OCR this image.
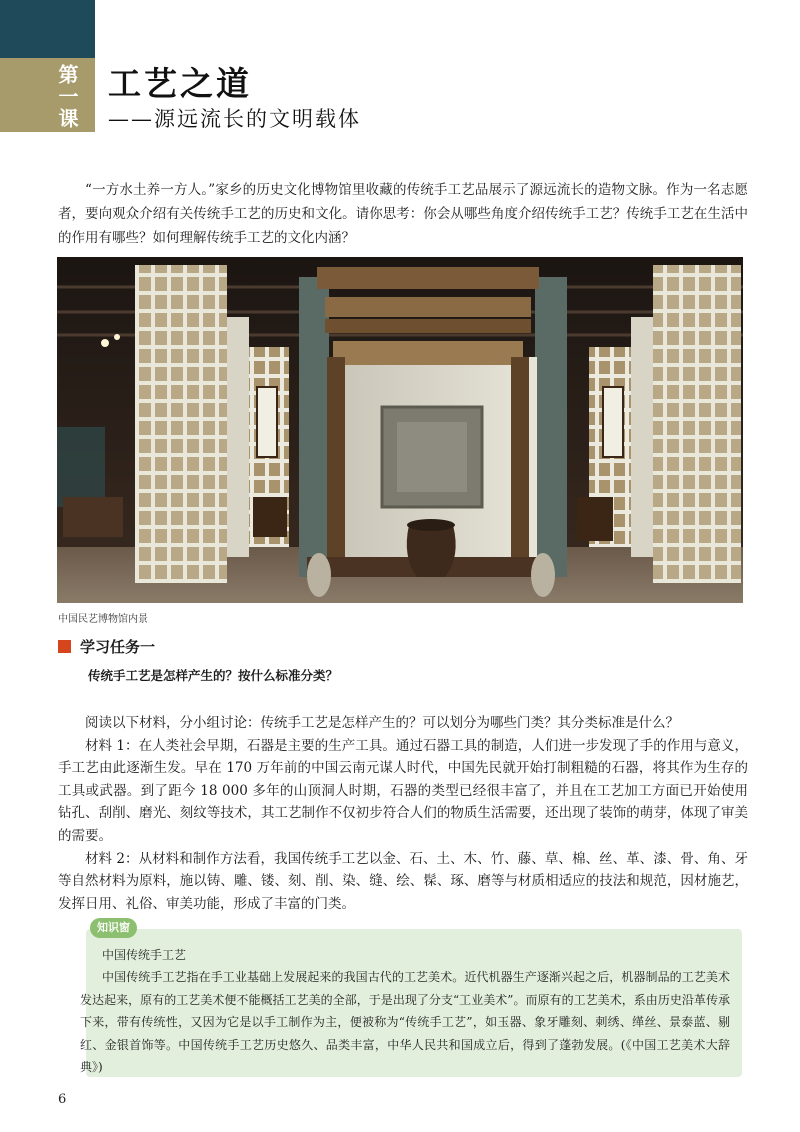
第一课 工艺之道
——源远流长的文明载体

“一方水土养一方人。”家乡的历史文化博物馆里收藏的传统手工艺品展示了源远流长的造物文脉。作为一名志愿者，要向观众介绍有关传统手工艺的历史和文化。请你思考：你会从哪些角度介绍传统手工艺？传统手工艺在生活中的作用有哪些？如何理解传统手工艺的文化内涵？

中国民艺博物馆内景
学习任务一
传统手工艺是怎样产生的？按什么标准分类？

阅读以下材料，分小组讨论：传统手工艺是怎样产生的？可以划分为哪些门类？其分类标准是什么？

材料 1：在人类社会早期，石器是主要的生产工具。通过石器工具的制造，人们进一步发现了手的作用与意义，手工艺由此逐渐生发。早在 170 万年前的中国云南元谋人时代，中国先民就开始打制粗糙的石器，将其作为生存的工具或武器。到了距今 18 000 多年的山顶洞人时期，石器的类型已经很丰富了，并且在工艺加工方面已开始使用钻孔、刮削、磨光、刻纹等技术，其工艺制作不仅初步符合人们的物质生活需要，还出现了装饰的萌芽，体现了审美的需要。

材料 2：从材料和制作方法看，我国传统手工艺以金、石、土、木、竹、藤、草、棉、丝、革、漆、骨、角、牙等自然材料为原料，施以铸、雕、镂、刻、削、染、缝、绘、髹、琢、磨等与材质相适应的技法和规范，因材施艺，发挥日用、礼俗、审美功能，形成了丰富的门类。

知识窗
中国传统手工艺

中国传统手工艺指在手工业基础上发展起来的我国古代的工艺美术。近代机器生产逐渐兴起之后，机器制品的工艺美术发达起来，原有的工艺美术便不能概括工艺美的全部，于是出现了分支“工业美术”。而原有的工艺美术，系由历史沿革传承下来，带有传统性，又因为它是以手工制作为主，便被称为“传统手工艺”，如玉器、象牙雕刻、刺绣、缂丝、景泰蓝、剔红、金银首饰等。中国传统手工艺历史悠久、品类丰富，中华人民共和国成立后，得到了蓬勃发展。(《中国工艺美术大辞典》)

6
